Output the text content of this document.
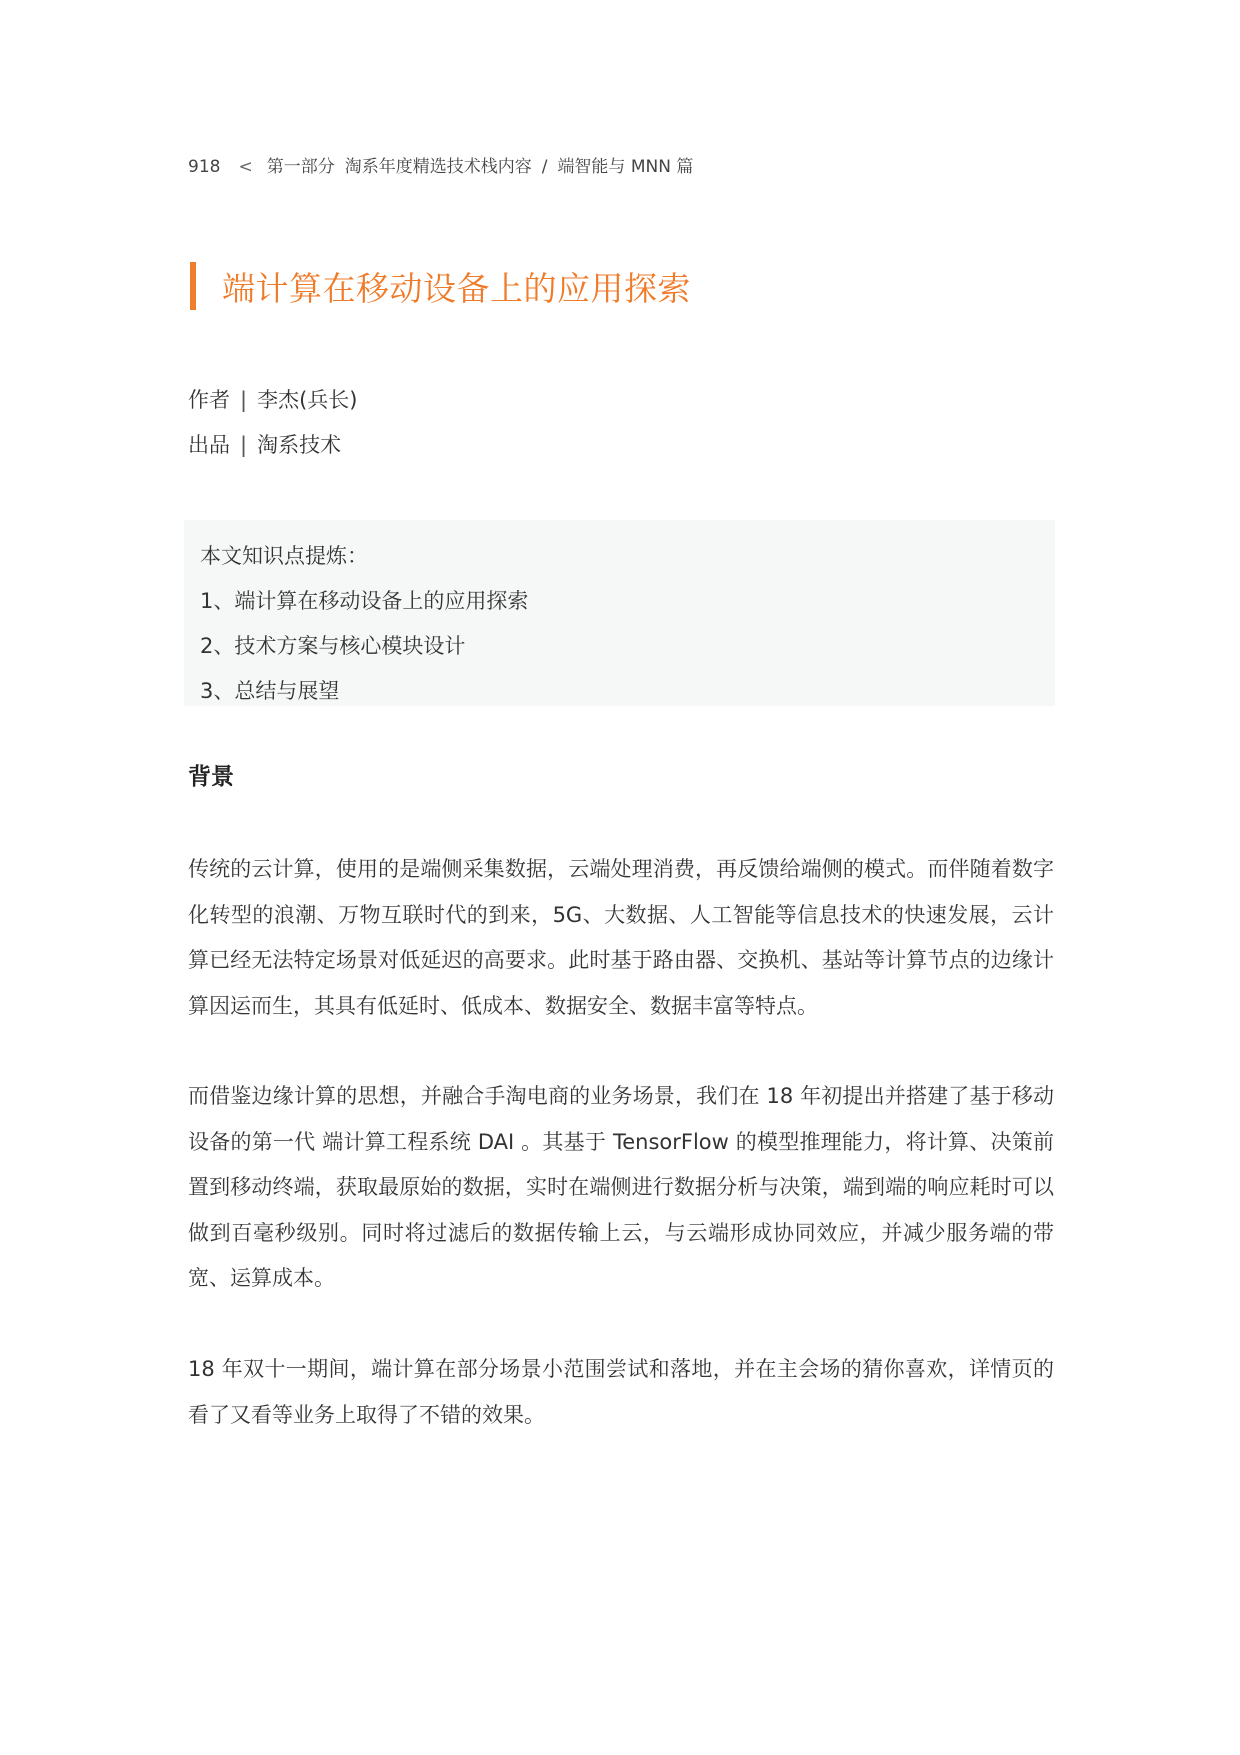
918 < 第一部分 淘系年度精选技术栈内容 / 端智能与 MNN 篇
端计算在移动设备上的应用探索
作者 | 李杰(兵长)
出品 | 淘系技术
本文知识点提炼：
1、端计算在移动设备上的应用探索
2、技术方案与核心模块设计
3、总结与展望
背景

传统的云计算，使用的是端侧采集数据，云端处理消费，再反馈给端侧的模式。而伴随着数字化转型的浪潮、万物互联时代的到来，5G、大数据、人工智能等信息技术的快速发展，云计算已经无法特定场景对低延迟的高要求。此时基于路由器、交换机、基站等计算节点的边缘计算因运而生，其具有低延时、低成本、数据安全、数据丰富等特点。

而借鉴边缘计算的思想，并融合手淘电商的业务场景，我们在 18 年初提出并搭建了基于移动设备的第一代 端计算工程系统 DAI 。其基于 TensorFlow 的模型推理能力，将计算、决策前置到移动终端，获取最原始的数据，实时在端侧进行数据分析与决策，端到端的响应耗时可以做到百毫秒级别。同时将过滤后的数据传输上云，与云端形成协同效应，并减少服务端的带宽、运算成本。

18 年双十一期间，端计算在部分场景小范围尝试和落地，并在主会场的猜你喜欢，详情页的看了又看等业务上取得了不错的效果。
